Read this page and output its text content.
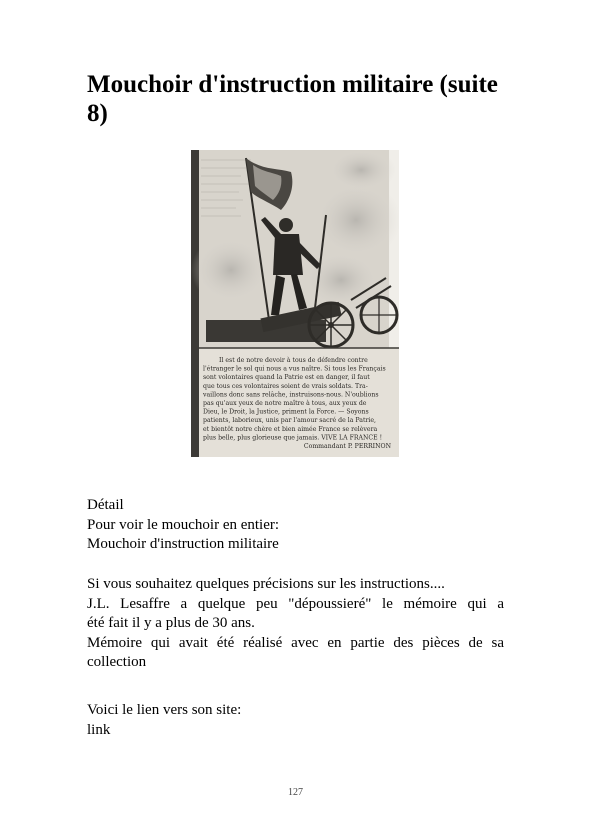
Mouchoir d'instruction militaire (suite 8)
Il est de notre devoir à tous de défendre contre
l'étranger le sol qui nous a vus naître. Si tous les Français
sont volontaires quand la Patrie est en danger, il faut
que tous ces volontaires soient de vrais soldats. Tra-
vaillons donc sans relâche, instruisons-nous. N'oublions
pas qu'aux yeux de notre maître à tous, aux yeux de
Dieu, le Droit, la Justice, priment la Force. — Soyons
patients, laborieux, unis par l'amour sacré de la Patrie,
et bientôt notre chère et bien aimée France se relèvera
plus belle, plus glorieuse que jamais. VIVE LA FRANCE !
Commandant P. PERRINON
Détail
Pour voir le mouchoir en entier:
Mouchoir d'instruction militaire
Si vous souhaitez quelques précisions sur les instructions....
J.L. Lesaffre a quelque peu "dépoussieré" le mémoire qui a
été fait il y a plus de 30 ans.
Mémoire qui avait été réalisé avec en partie des pièces de sa
collection
Voici le lien vers son site:
link
127
